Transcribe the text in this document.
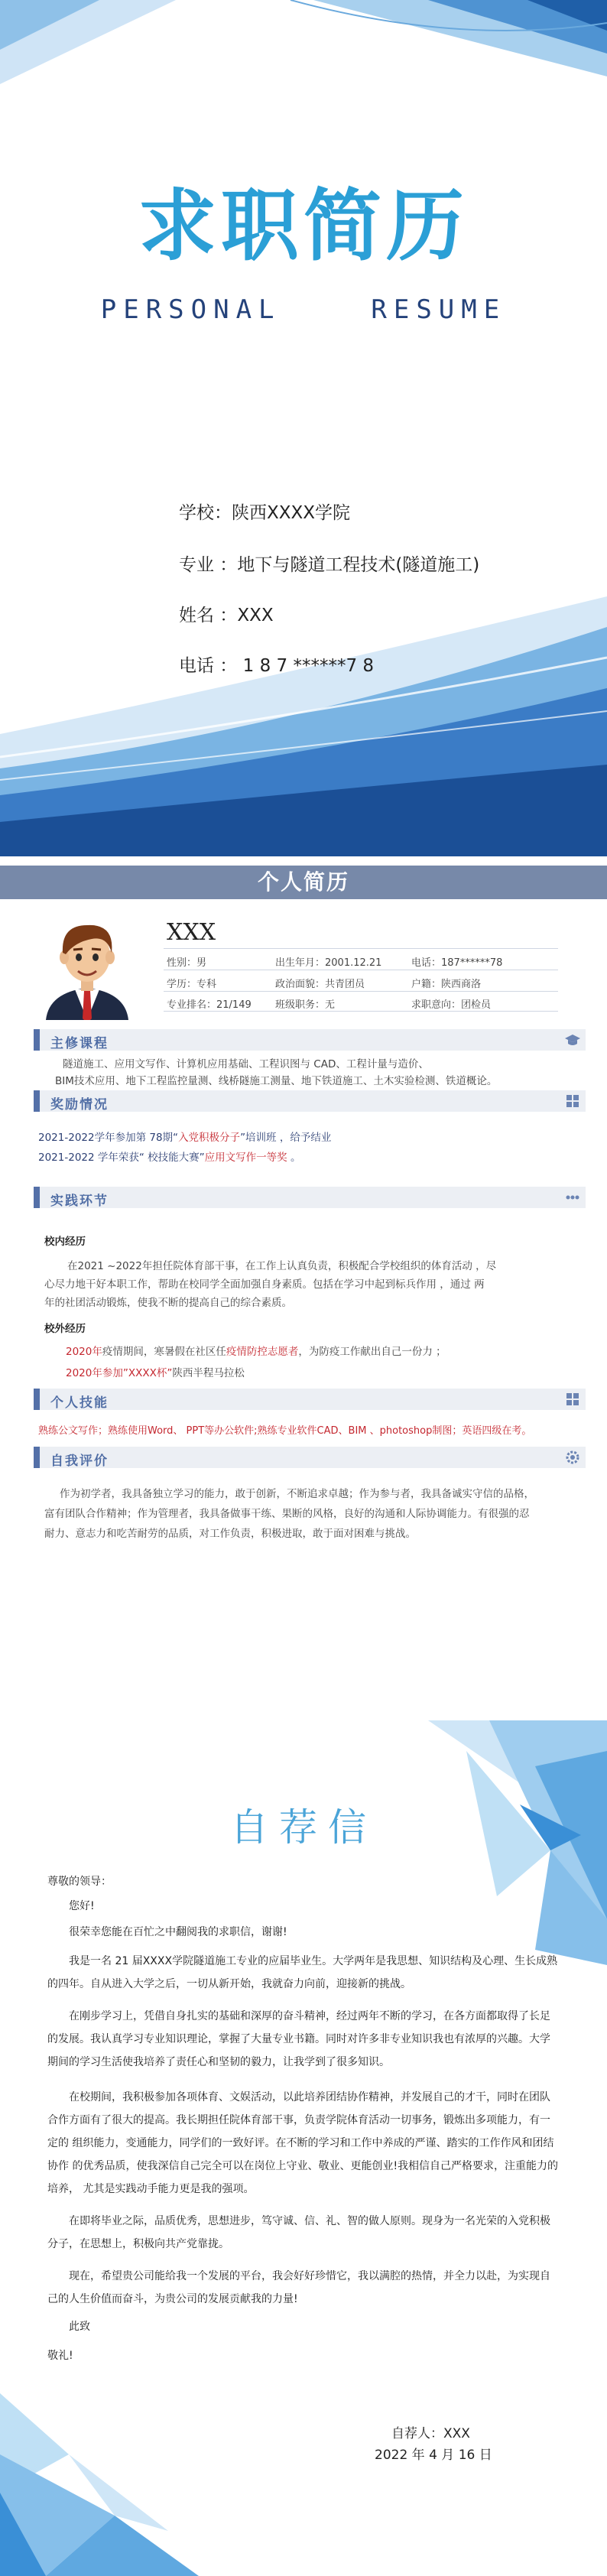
求职简历
PERSONAL    RESUME
学校：陕西XXXX学院
专业 ：地下与隧道工程技术(隧道施工)
姓名 ：XXX
电话 ： 1 8 7 ******7 8
个人简历
XXX
性别：男	出生年月：2001.12.21	电话：187******78
学历：专科	政治面貌：共青团员	户籍：陕西商洛
专业排名：21/149 班级职务：无	求职意向：团检员
主修课程
隧道施工、应用文写作、计算机应用基础、工程识图与 CAD、工程计量与造价、
BIM技术应用、地下工程监控量测、线桥隧施工测量、地下铁道施工、土木实验检测、铁道概论。
奖励情况
2021-2022学年参加第 78期“入党积极分子”培训班 ，给予结业
2021-2022 学年荣获“ 校技能大赛”应用文写作一等奖 。
实践环节
校内经历
在2021 ~2022年担任院体育部干事，在工作上认真负责，积极配合学校组织的体育活动 ，尽
心尽力地干好本职工作，帮助在校同学全面加强自身素质。包括在学习中起到标兵作用 ，通过 两
年的社团活动锻炼，使我不断的提高自己的综合素质。
校外经历
2020年疫情期间，寒暑假在社区任疫情防控志愿者，为防疫工作献出自己一份力 ；
2020年参加”XXXX杯”陕西半程马拉松
个人技能
熟练公文写作；熟练使用Word、 PPT等办公软件;熟练专业软件CAD、BIM 、photoshop制图；英语四级在考。
自我评价
作为初学者，我具备独立学习的能力，敢于创新，不断追求卓越；作为参与者，我具备诚实守信的品格，
富有团队合作精神；作为管理者，我具备做事干练、果断的风格，良好的沟通和人际协调能力。有很强的忍
耐力、意志力和吃苦耐劳的品质，对工作负责，积极进取，敢于面对困难与挑战。
自荐信
尊敬的领导：
您好!
很荣幸您能在百忙之中翻阅我的求职信，谢谢!
我是一名 21 届XXXX学院隧道施工专业的应届毕业生。大学两年是我思想、知识结构及心理、生长成熟的四年。自从进入大学之后，一切从新开始，我就奋力向前，迎接新的挑战。
在刚步学习上，凭借自身扎实的基础和深厚的奋斗精神，经过两年不断的学习，在各方面都取得了长足的发展。我认真学习专业知识理论，掌握了大量专业书籍。同时对许多非专业知识我也有浓厚的兴趣。大学期间的学习生活使我培养了责任心和坚韧的毅力，让我学到了很多知识。
在校期间，我积极参加各项体育、文娱活动，以此培养团结协作精神，并发展自己的才干，同时在团队合作方面有了很大的提高。我长期担任院体育部干事，负责学院体育活动一切事务，锻炼出多项能力，有一定的 组织能力，变通能力，同学们的一致好评。在不断的学习和工作中养成的严谨、踏实的工作作风和团结协作 的优秀品质，使我深信自己完全可以在岗位上守业、敬业、更能创业!我相信自己严格要求，注重能力的培养， 尤其是实践动手能力更是我的强项。
在即将毕业之际，品质优秀，思想进步，笃守诚、信、礼、智的做人原则。现身为一名光荣的入党积极分子，在思想上，积极向共产党靠拢。
现在，希望贵公司能给我一个发展的平台，我会好好珍惜它，我以满腔的热情，并全力以赴，为实现自己的人生价值而奋斗，为贵公司的发展贡献我的力量!
此致
敬礼!
自荐人：XXX
2022 年 4 月 16 日
